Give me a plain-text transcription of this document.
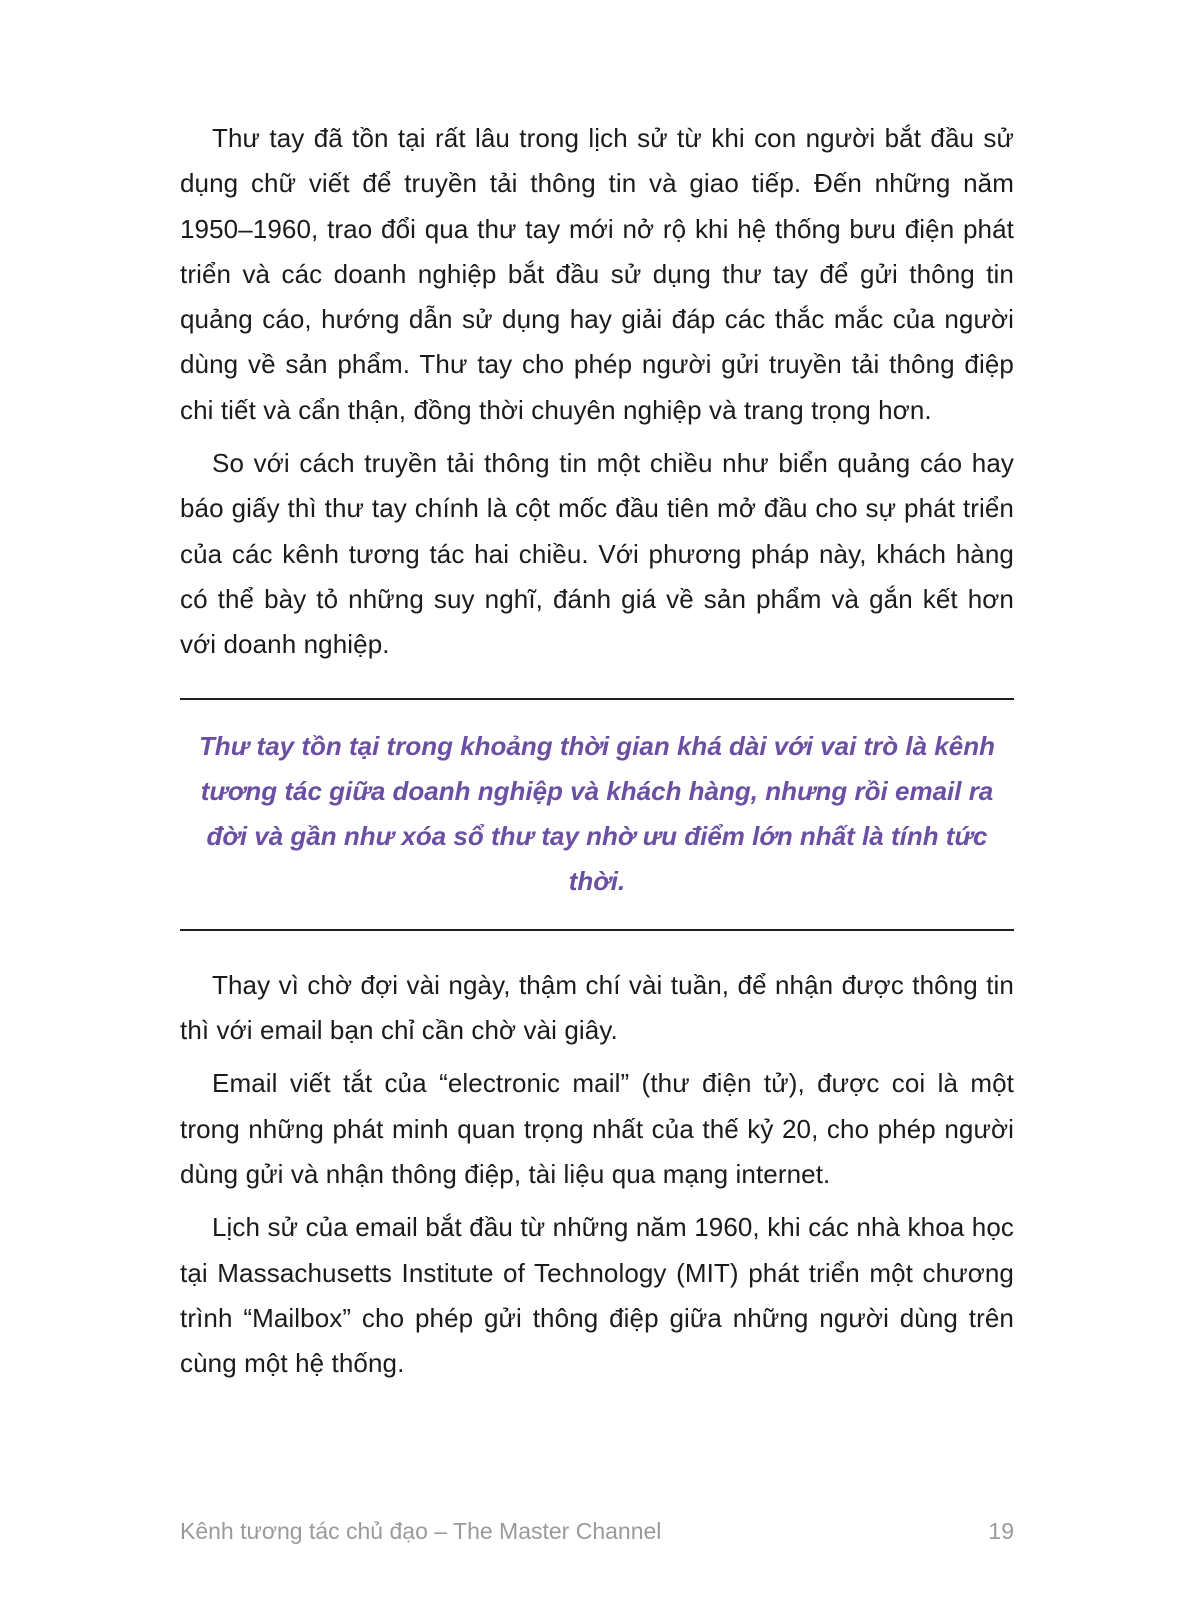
Thư tay đã tồn tại rất lâu trong lịch sử từ khi con người bắt đầu sử dụng chữ viết để truyền tải thông tin và giao tiếp. Đến những năm 1950–1960, trao đổi qua thư tay mới nở rộ khi hệ thống bưu điện phát triển và các doanh nghiệp bắt đầu sử dụng thư tay để gửi thông tin quảng cáo, hướng dẫn sử dụng hay giải đáp các thắc mắc của người dùng về sản phẩm. Thư tay cho phép người gửi truyền tải thông điệp chi tiết và cẩn thận, đồng thời chuyên nghiệp và trang trọng hơn.

So với cách truyền tải thông tin một chiều như biển quảng cáo hay báo giấy thì thư tay chính là cột mốc đầu tiên mở đầu cho sự phát triển của các kênh tương tác hai chiều. Với phương pháp này, khách hàng có thể bày tỏ những suy nghĩ, đánh giá về sản phẩm và gắn kết hơn với doanh nghiệp.

Thư tay tồn tại trong khoảng thời gian khá dài với vai trò là kênh tương tác giữa doanh nghiệp và khách hàng, nhưng rồi email ra đời và gần như xóa sổ thư tay nhờ ưu điểm lớn nhất là tính tức thời.

Thay vì chờ đợi vài ngày, thậm chí vài tuần, để nhận được thông tin thì với email bạn chỉ cần chờ vài giây.

Email viết tắt của “electronic mail” (thư điện tử), được coi là một trong những phát minh quan trọng nhất của thế kỷ 20, cho phép người dùng gửi và nhận thông điệp, tài liệu qua mạng internet.

Lịch sử của email bắt đầu từ những năm 1960, khi các nhà khoa học tại Massachusetts Institute of Technology (MIT) phát triển một chương trình “Mailbox” cho phép gửi thông điệp giữa những người dùng trên cùng một hệ thống.

Kênh tương tác chủ đạo – The Master Channel	19
